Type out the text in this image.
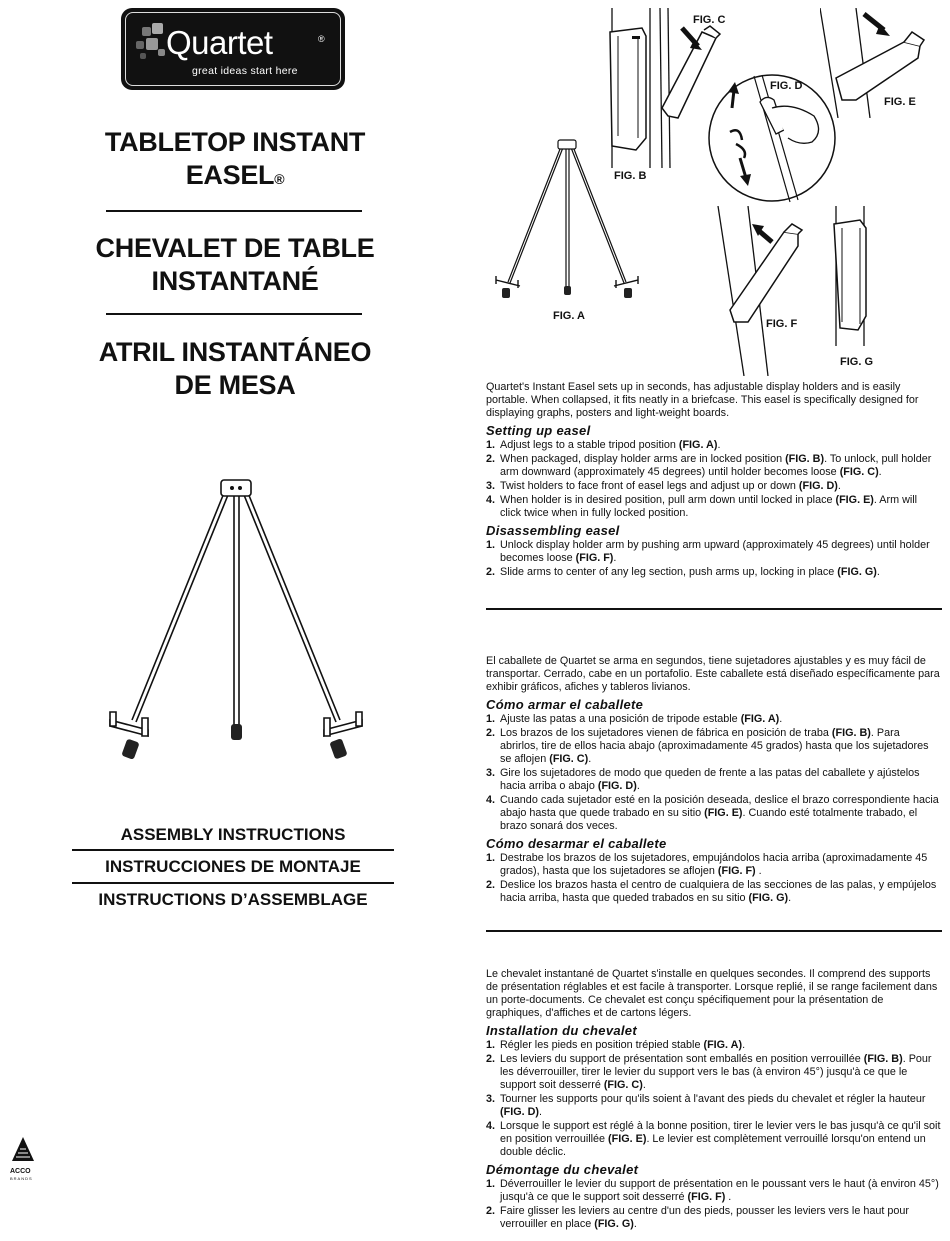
Quartet	®
great ideas start here
TABLETOP INSTANT
EASEL®
CHEVALET DE TABLE
INSTANTANÉ
ATRIL INSTANTÁNEO
DE MESA
ASSEMBLY INSTRUCTIONS
INSTRUCCIONES DE MONTAJE
INSTRUCTIONS D’ASSEMBLAGE
ACCO
BRANDS
FIG. A
FIG. C
FIG. B
FIG. D
FIG. E
FIG. F
FIG. G

Quartet's Instant Easel sets up in seconds, has adjustable display holders and is easily portable. When collapsed, it fits neatly in a briefcase. This easel is specifically designed for displaying graphs, posters and light-weight boards.

Setting up easel
1. Adjust legs to a stable tripod position (FIG. A).
2. When packaged, display holder arms are in locked position (FIG. B). To unlock, pull holder arm downward (approximately 45 degrees) until holder becomes loose (FIG. C).
3. Twist holders to face front of easel legs and adjust up or down (FIG. D).
4. When holder is in desired position, pull arm down until locked in place (FIG. E). Arm will click twice when in fully locked position.
Disassembling easel
1. Unlock display holder arm by pushing arm upward (approximately 45 degrees) until holder becomes loose (FIG. F).
2. Slide arms to center of any leg section, push arms up, locking in place (FIG. G).

El caballete de Quartet se arma en segundos, tiene sujetadores ajustables y es muy fácil de transportar. Cerrado, cabe en un portafolio. Este caballete está diseñado específicamente para exhibir gráficos, afiches y tableros livianos.

Cómo armar el caballete
1. Ajuste las patas a una posición de tripode estable (FIG. A).
2. Los brazos de los sujetadores vienen de fábrica en posición de traba (FIG. B). Para abrirlos, tire de ellos hacia abajo (aproximadamente 45 grados) hasta que los sujetadores se aflojen (FIG. C).
3. Gire los sujetadores de modo que queden de frente a las patas del caballete y ajústelos hacia arriba o abajo (FIG. D).
4. Cuando cada sujetador esté en la posición deseada, deslice el brazo correspondiente hacia abajo hasta que quede trabado en su sitio (FIG. E). Cuando esté totalmente trabado, el brazo sonará dos veces.
Cómo desarmar el caballete
1. Destrabe los brazos de los sujetadores, empujándolos hacia arriba (aproximadamente 45 grados), hasta que los sujetadores se aflojen (FIG. F) .
2. Deslice los brazos hasta el centro de cualquiera de las secciones de las palas, y empújelos hacia arriba, hasta que queded trabados en su sitio (FIG. G).

Le chevalet instantané de Quartet s'installe en quelques secondes. Il comprend des supports de présentation réglables et est facile à transporter. Lorsque replié, il se range facilement dans un porte-documents. Ce chevalet est conçu spécifiquement pour la présentation de graphiques, d'affiches et de cartons légers.

Installation du chevalet
1. Régler les pieds en position trépied stable (FIG. A).
2. Les leviers du support de présentation sont emballés en position verrouillée (FIG. B). Pour les déverrouiller, tirer le levier du support vers le bas (à environ 45°) jusqu'à ce que le support soit desserré (FIG. C).
3. Tourner les supports pour qu'ils soient à l'avant des pieds du chevalet et régler la hauteur (FIG. D).
4. Lorsque le support est réglé à la bonne position, tirer le levier vers le bas jusqu'à ce qu'il soit en position verrouillée (FIG. E). Le levier est complètement verrouillé lorsqu'on entend un double déclic.
Démontage du chevalet
1. Déverrouiller le levier du support de présentation en le poussant vers le haut (à environ 45°) jusqu'à ce que le support soit desserré (FIG. F) .
2. Faire glisser les leviers au centre d'un des pieds, pousser les leviers vers le haut pour verrouiller en place (FIG. G).
